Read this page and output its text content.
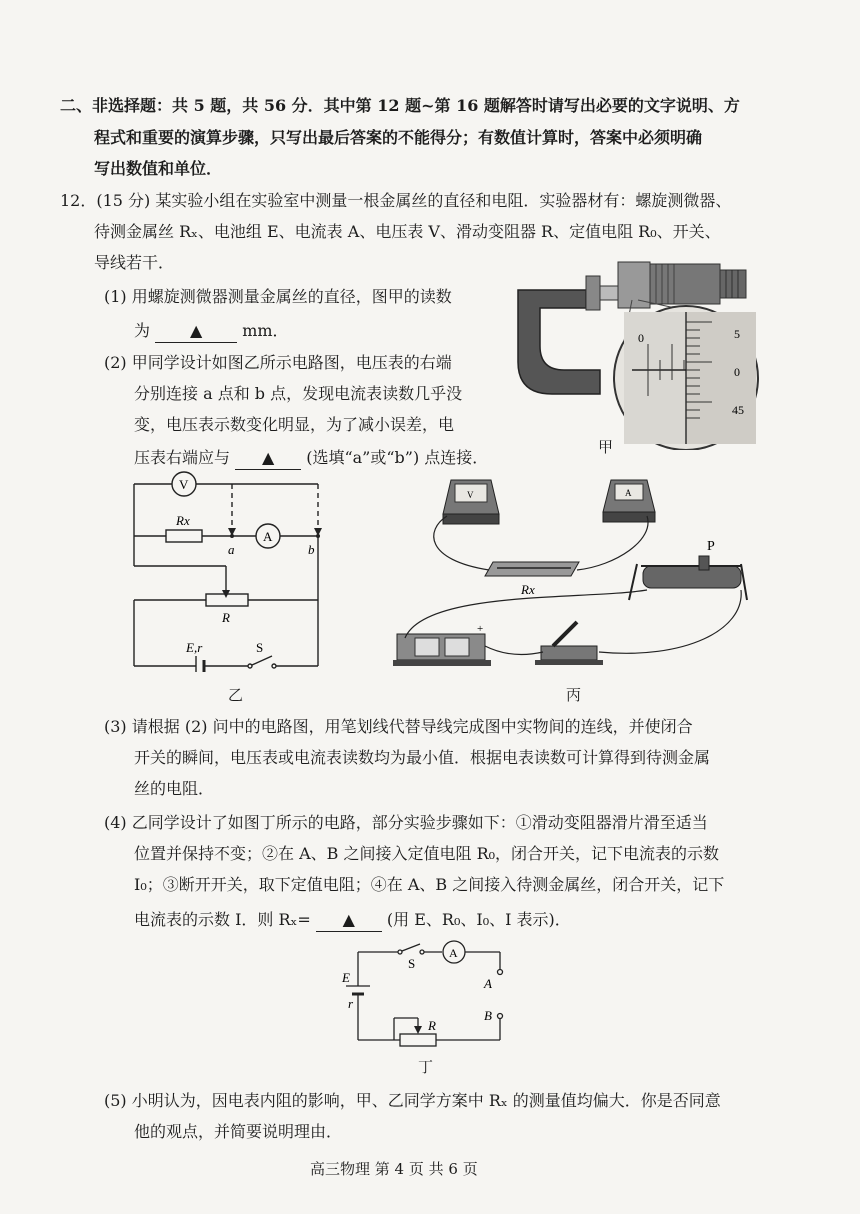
二、非选择题：共 5 题，共 56 分．其中第 12 题~第 16 题解答时请写出必要的文字说明、方
程式和重要的演算步骤，只写出最后答案的不能得分；有数值计算时，答案中必须明确
写出数值和单位．
12．(15 分) 某实验小组在实验室中测量一根金属丝的直径和电阻．实验器材有：螺旋测微器、
待测金属丝 Rₓ、电池组 E、电流表 A、电压表 V、滑动变阻器 R、定值电阻 R₀、开关、
导线若干．
(1) 用螺旋测微器测量金属丝的直径，图甲的读数
为 ▲ mm．
(2) 甲同学设计如图乙所示电路图，电压表的右端
分别连接 a 点和 b 点，发现电流表读数几乎没
变，电压表示数变化明显，为了减小误差，电
压表右端应与 ▲ (选填“a”或“b”) 点连接．
0	5
0
45
甲
V
A
Rx
a	b
R
E,r	S
乙
V	A
Rx
P
+
丙
(3) 请根据 (2) 问中的电路图，用笔划线代替导线完成图中实物间的连线，并使闭合
开关的瞬间，电压表或电流表读数均为最小值．根据电表读数可计算得到待测金属
丝的电阻．
(4) 乙同学设计了如图丁所示的电路，部分实验步骤如下：①滑动变阻器滑片滑至适当
位置并保持不变；②在 A、B 之间接入定值电阻 R₀，闭合开关，记下电流表的示数
I₀；③断开开关，取下定值电阻；④在 A、B 之间接入待测金属丝，闭合开关，记下
电流表的示数 I．则 Rₓ= ▲ (用 E、R₀、I₀、I 表示)．
S
A
E
r
A
B
R
丁
(5) 小明认为，因电表内阻的影响，甲、乙同学方案中 Rₓ 的测量值均偏大．你是否同意
他的观点，并简要说明理由．
高三物理 第 4 页 共 6 页
